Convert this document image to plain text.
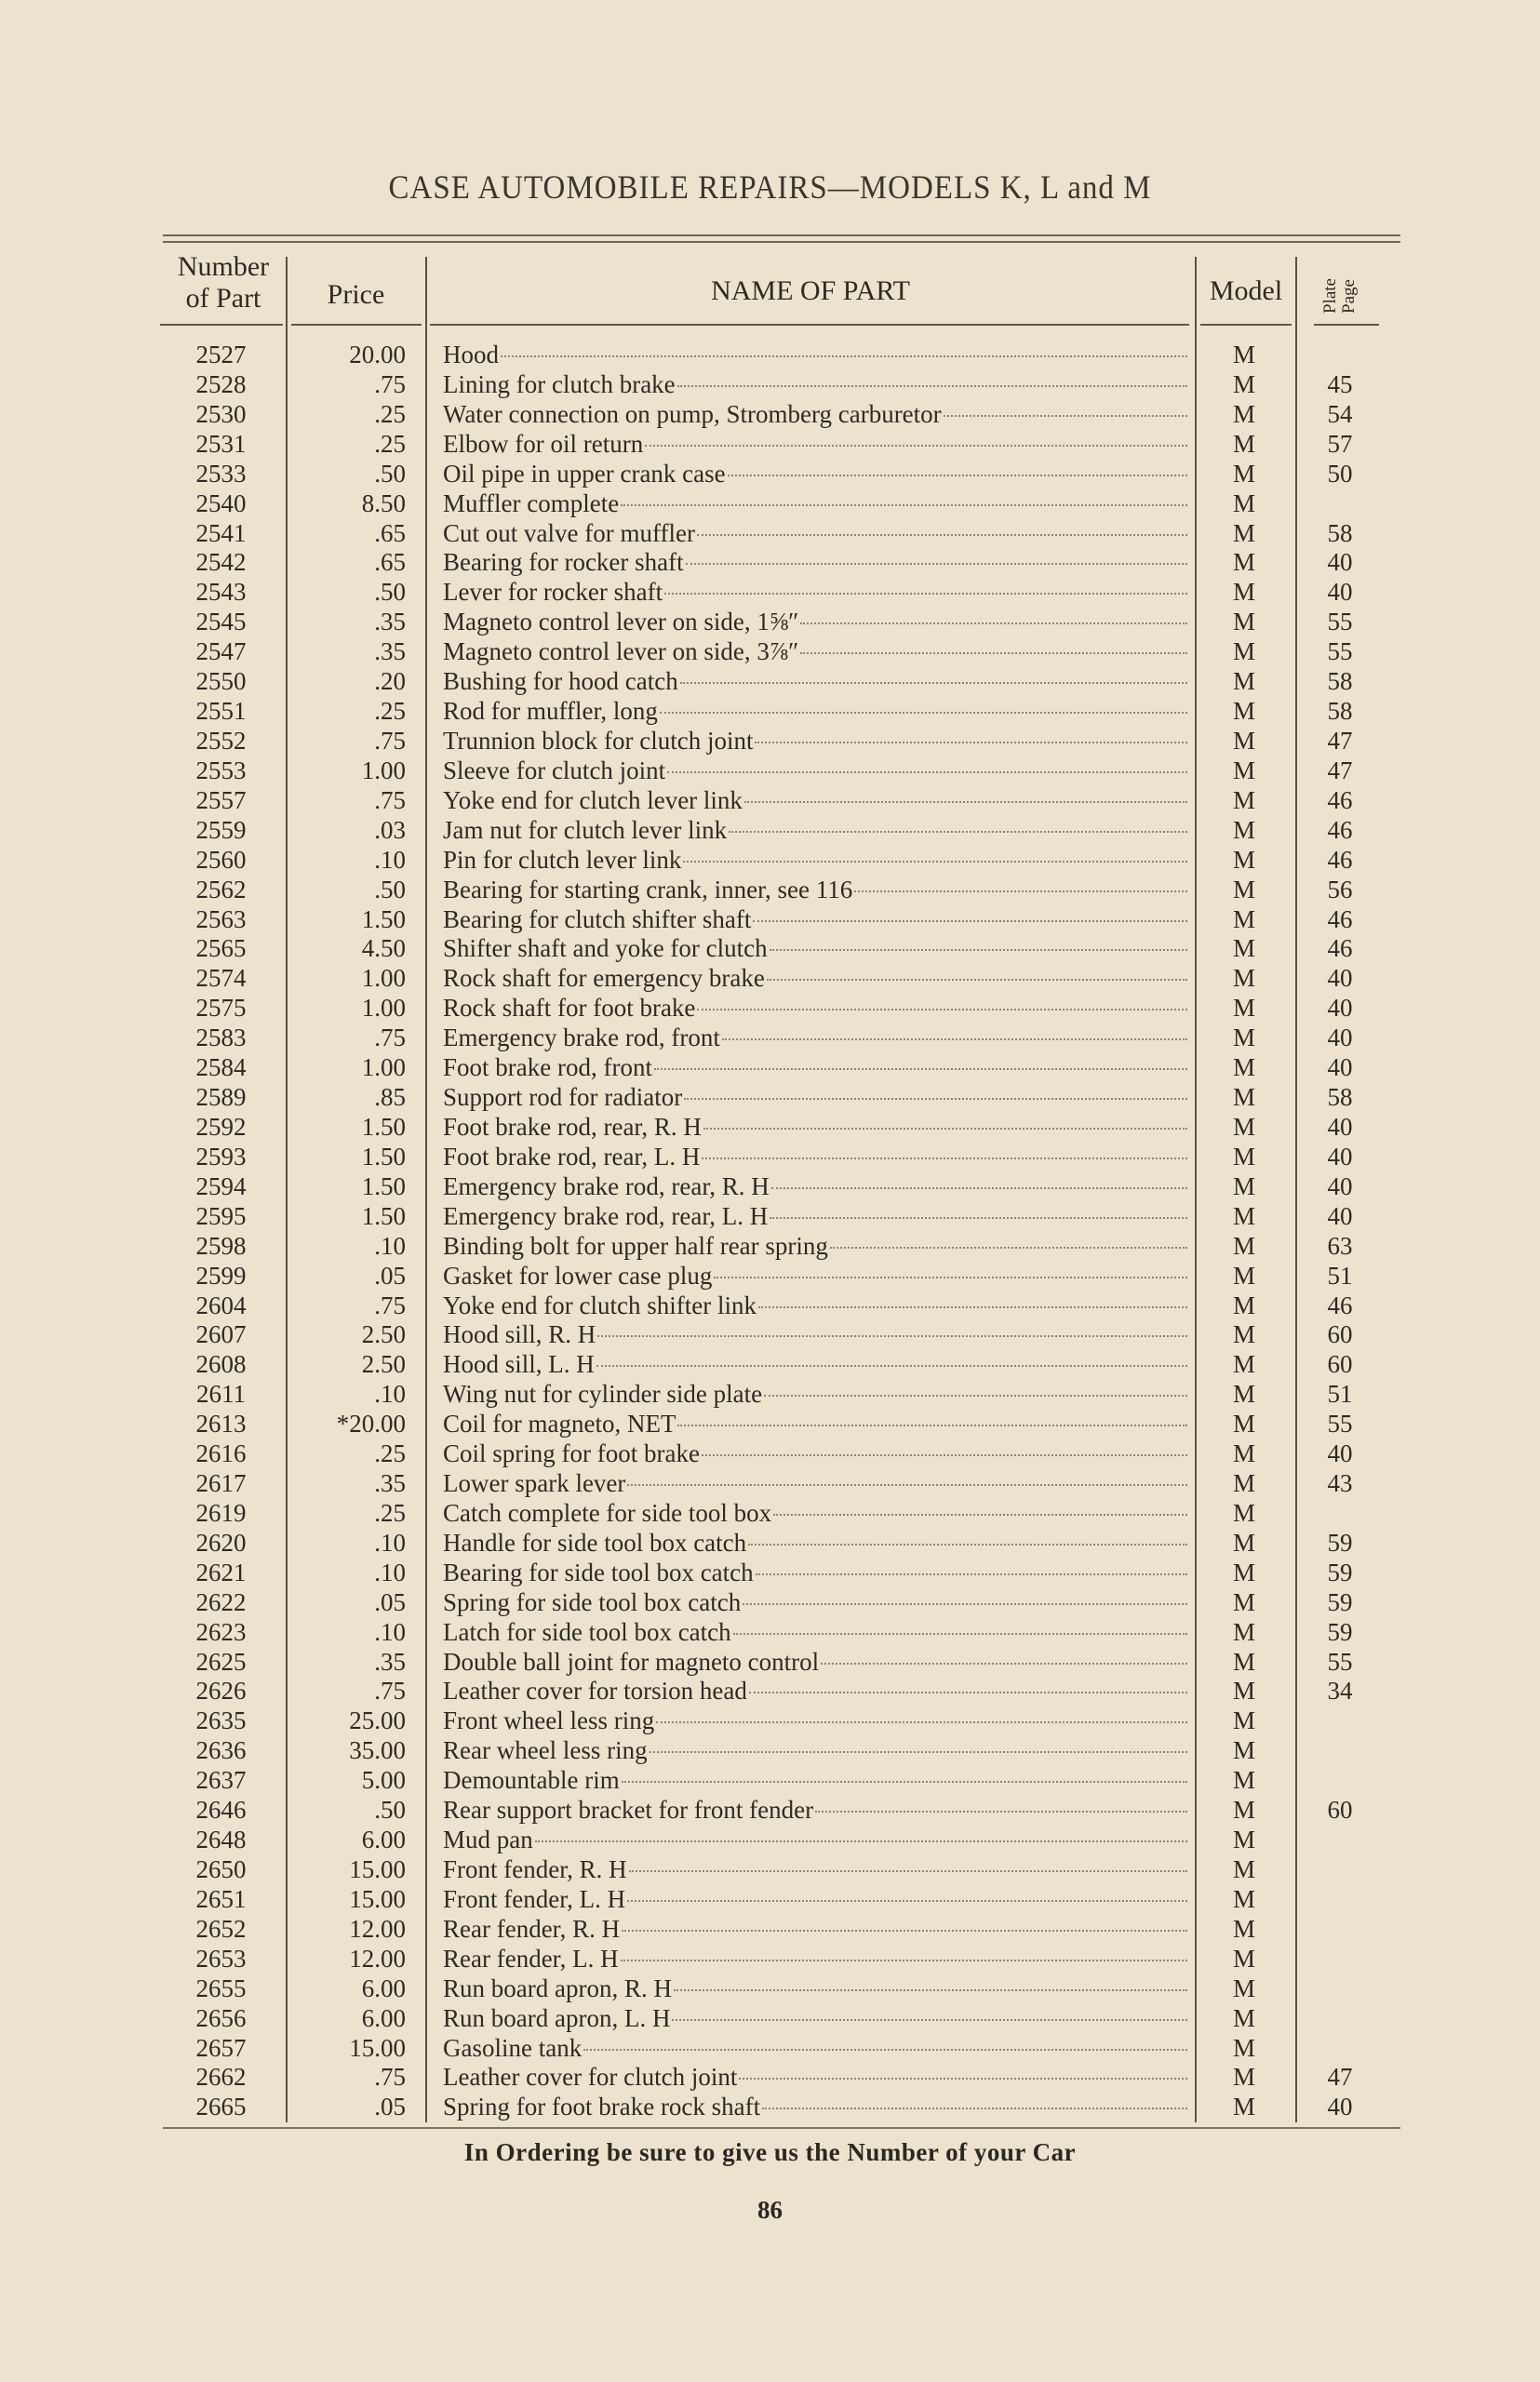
CASE AUTOMOBILE REPAIRS—MODELS K, L and M
Number
of Part	Price	NAME OF PART	Model	Plate Page
2527	20.00 Hood	M
2528	.75 Lining for clutch brake	M	45
2530	.25 Water connection on pump, Stromberg carburetor	M	54
2531	.25 Elbow for oil return	M	57
2533	.50 Oil pipe in upper crank case	M	50
2540	8.50 Muffler complete	M
2541	.65 Cut out valve for muffler	M	58
2542	.65 Bearing for rocker shaft	M	40
2543	.50 Lever for rocker shaft	M	40
2545	.35 Magneto control lever on side, 1⅝″	M	55
2547	.35 Magneto control lever on side, 3⅞″	M	55
2550	.20 Bushing for hood catch	M	58
2551	.25 Rod for muffler, long	M	58
2552	.75 Trunnion block for clutch joint	M	47
2553	1.00 Sleeve for clutch joint	M	47
2557	.75 Yoke end for clutch lever link	M	46
2559	.03 Jam nut for clutch lever link	M	46
2560	.10 Pin for clutch lever link	M	46
2562	.50 Bearing for starting crank, inner, see 116	M	56
2563	1.50 Bearing for clutch shifter shaft	M	46
2565	4.50 Shifter shaft and yoke for clutch	M	46
2574	1.00 Rock shaft for emergency brake	M	40
2575	1.00 Rock shaft for foot brake	M	40
2583	.75 Emergency brake rod, front	M	40
2584	1.00 Foot brake rod, front	M	40
2589	.85 Support rod for radiator	M	58
2592	1.50 Foot brake rod, rear, R. H	M	40
2593	1.50 Foot brake rod, rear, L. H	M	40
2594	1.50 Emergency brake rod, rear, R. H	M	40
2595	1.50 Emergency brake rod, rear, L. H	M	40
2598	.10 Binding bolt for upper half rear spring	M	63
2599	.05 Gasket for lower case plug	M	51
2604	.75 Yoke end for clutch shifter link	M	46
2607	2.50 Hood sill, R. H	M	60
2608	2.50 Hood sill, L. H	M	60
2611	.10 Wing nut for cylinder side plate	M	51
2613	*20.00 Coil for magneto, NET	M	55
2616	.25 Coil spring for foot brake	M	40
2617	.35 Lower spark lever	M	43
2619	.25 Catch complete for side tool box	M
2620	.10 Handle for side tool box catch	M	59
2621	.10 Bearing for side tool box catch	M	59
2622	.05 Spring for side tool box catch	M	59
2623	.10 Latch for side tool box catch	M	59
2625	.35 Double ball joint for magneto control	M	55
2626	.75 Leather cover for torsion head	M	34
2635	25.00 Front wheel less ring	M
2636	35.00 Rear wheel less ring	M
2637	5.00 Demountable rim	M
2646	.50 Rear support bracket for front fender	M	60
2648	6.00 Mud pan	M
2650	15.00 Front fender, R. H	M
2651	15.00 Front fender, L. H	M
2652	12.00 Rear fender, R. H	M
2653	12.00 Rear fender, L. H	M
2655	6.00 Run board apron, R. H	M
2656	6.00 Run board apron, L. H	M
2657	15.00 Gasoline tank	M
2662	.75 Leather cover for clutch joint	M	47
2665	.05 Spring for foot brake rock shaft	M	40
In Ordering be sure to give us the Number of your Car
86
